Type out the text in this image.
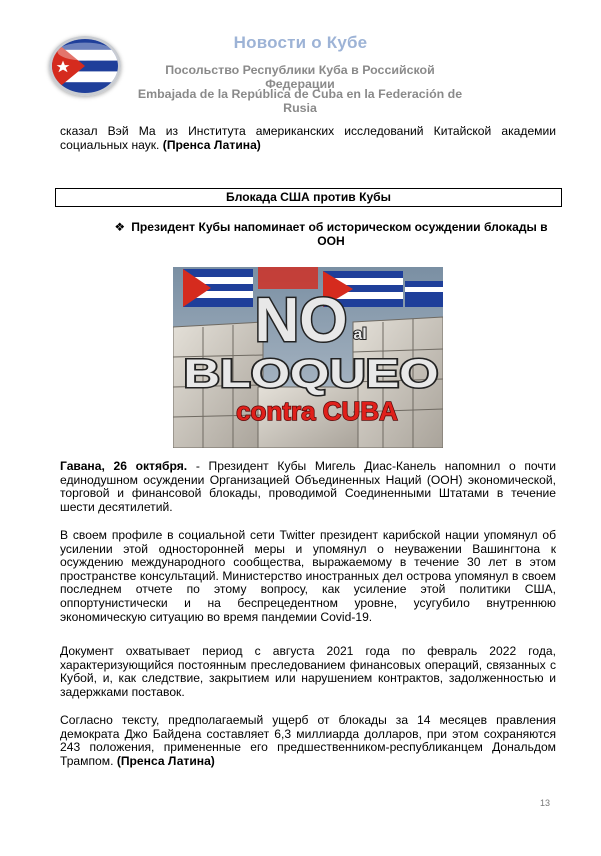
Новости о Кубе
Посольство Республики Куба в Российской Федерации
Embajada de la República de Cuba en la Federación de Rusia
сказал Вэй Ма из Института американских исследований Китайской академии социальных наук. (Пренса Латина)
Блокада США против Кубы
❖ Президент Кубы напоминает об историческом осуждении блокады в ООН
NO al
BLOQUEO
contra CUBA
Гавана, 26 октября. - Президент Кубы Мигель Диас-Канель напомнил о почти единодушном осуждении Организацией Объединенных Наций (ООН) экономической, торговой и финансовой блокады, проводимой Соединенными Штатами в течение шести десятилетий.
В своем профиле в социальной сети Twitter президент карибской нации упомянул об усилении этой односторонней меры и упомянул о неуважении Вашингтона к осуждению международного сообщества, выражаемому в течение 30 лет в этом пространстве консультаций. Министерство иностранных дел острова упомянул в своем последнем отчете по этому вопросу, как усиление этой политики США, оппортунистически и на беспрецедентном уровне, усугубило внутреннюю экономическую ситуацию во время пандемии Covid-19.
Документ охватывает период с августа 2021 года по февраль 2022 года, характеризующийся постоянным преследованием финансовых операций, связанных с Кубой, и, как следствие, закрытием или нарушением контрактов, задолженностью и задержками поставок.
Согласно тексту, предполагаемый ущерб от блокады за 14 месяцев правления демократа Джо Байдена составляет 6,3 миллиарда долларов, при этом сохраняются 243 положения, примененные его предшественником-республиканцем Дональдом Трампом. (Пренса Латина)
13
